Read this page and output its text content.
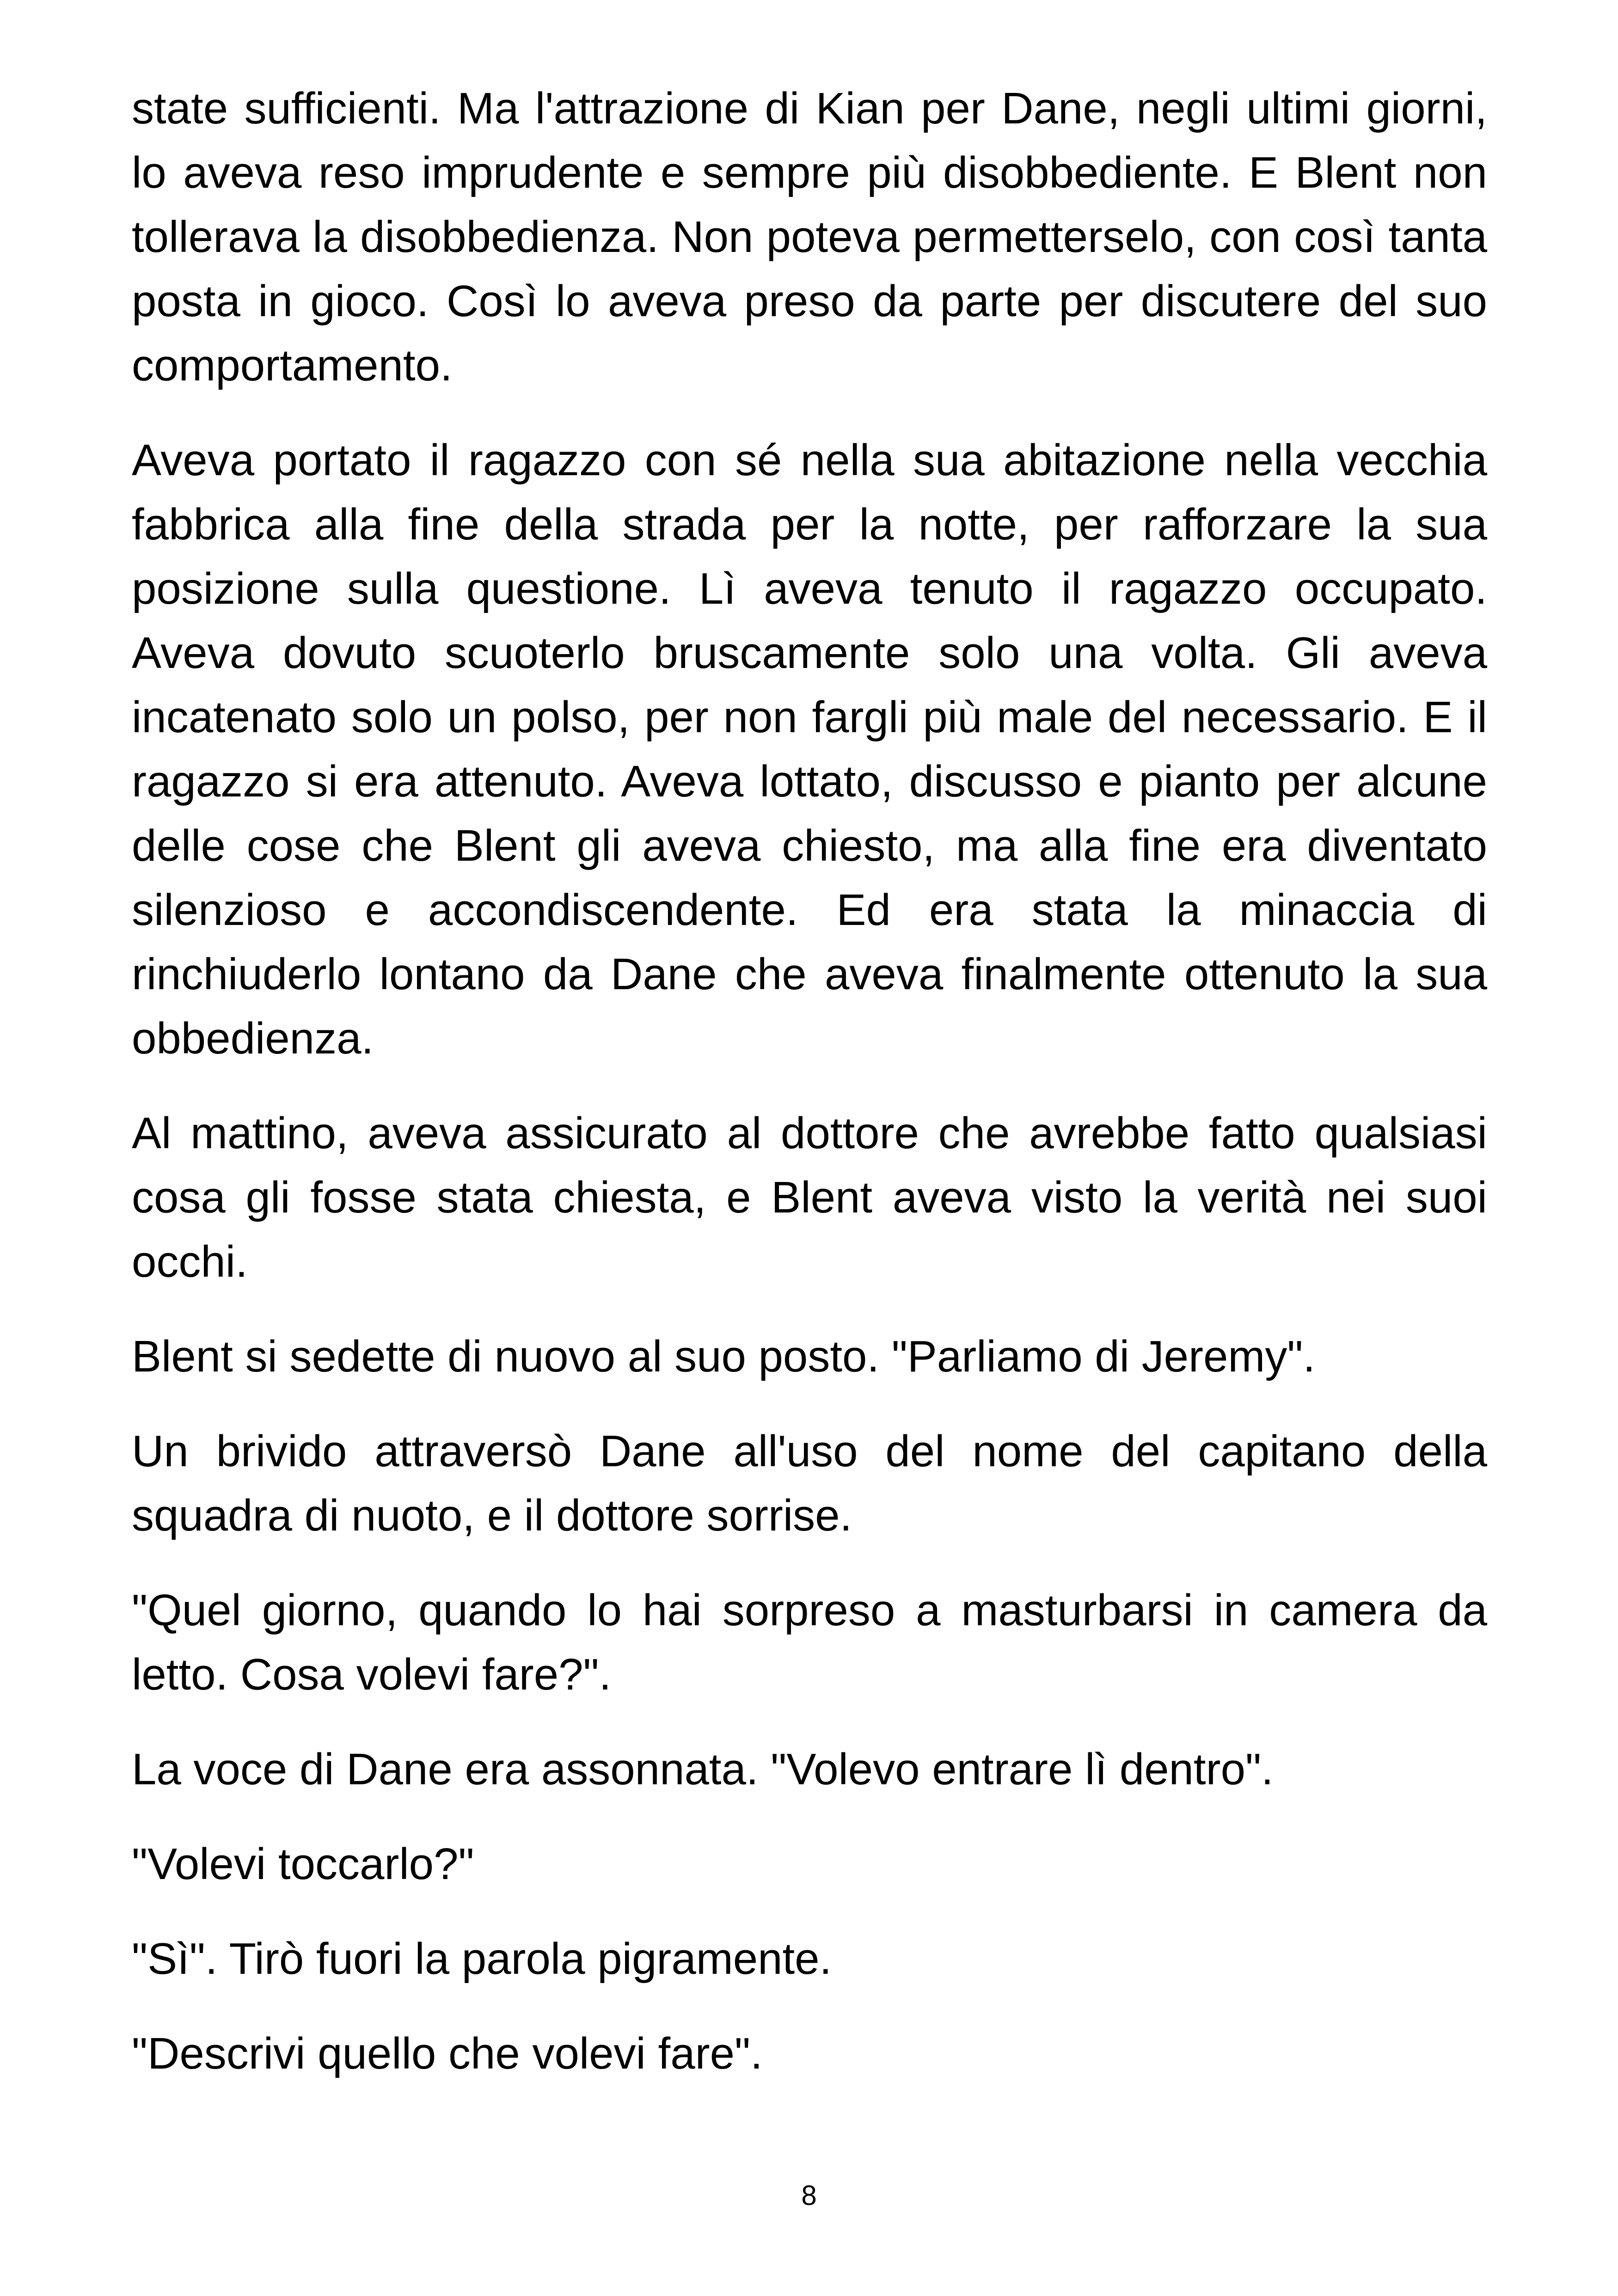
state sufficienti. Ma l'attrazione di Kian per Dane, negli ultimi giorni, lo aveva reso imprudente e sempre più disobbediente. E Blent non tollerava la disobbedienza. Non poteva permetterselo, con così tanta posta in gioco. Così lo aveva preso da parte per discutere del suo comportamento.

Aveva portato il ragazzo con sé nella sua abitazione nella vecchia fabbrica alla fine della strada per la notte, per rafforzare la sua posizione sulla questione. Lì aveva tenuto il ragazzo occupato. Aveva dovuto scuoterlo bruscamente solo una volta. Gli aveva incatenato solo un polso, per non fargli più male del necessario. E il ragazzo si era attenuto. Aveva lottato, discusso e pianto per alcune delle cose che Blent gli aveva chiesto, ma alla fine era diventato silenzioso e accondiscendente. Ed era stata la minaccia di rinchiuderlo lontano da Dane che aveva finalmente ottenuto la sua obbedienza.

Al mattino, aveva assicurato al dottore che avrebbe fatto qualsiasi cosa gli fosse stata chiesta, e Blent aveva visto la verità nei suoi occhi.

Blent si sedette di nuovo al suo posto. "Parliamo di Jeremy".

Un brivido attraversò Dane all'uso del nome del capitano della squadra di nuoto, e il dottore sorrise.

"Quel giorno, quando lo hai sorpreso a masturbarsi in camera da letto. Cosa volevi fare?".

La voce di Dane era assonnata. "Volevo entrare lì dentro".

"Volevi toccarlo?"

"Sì". Tirò fuori la parola pigramente.

"Descrivi quello che volevi fare".

8
